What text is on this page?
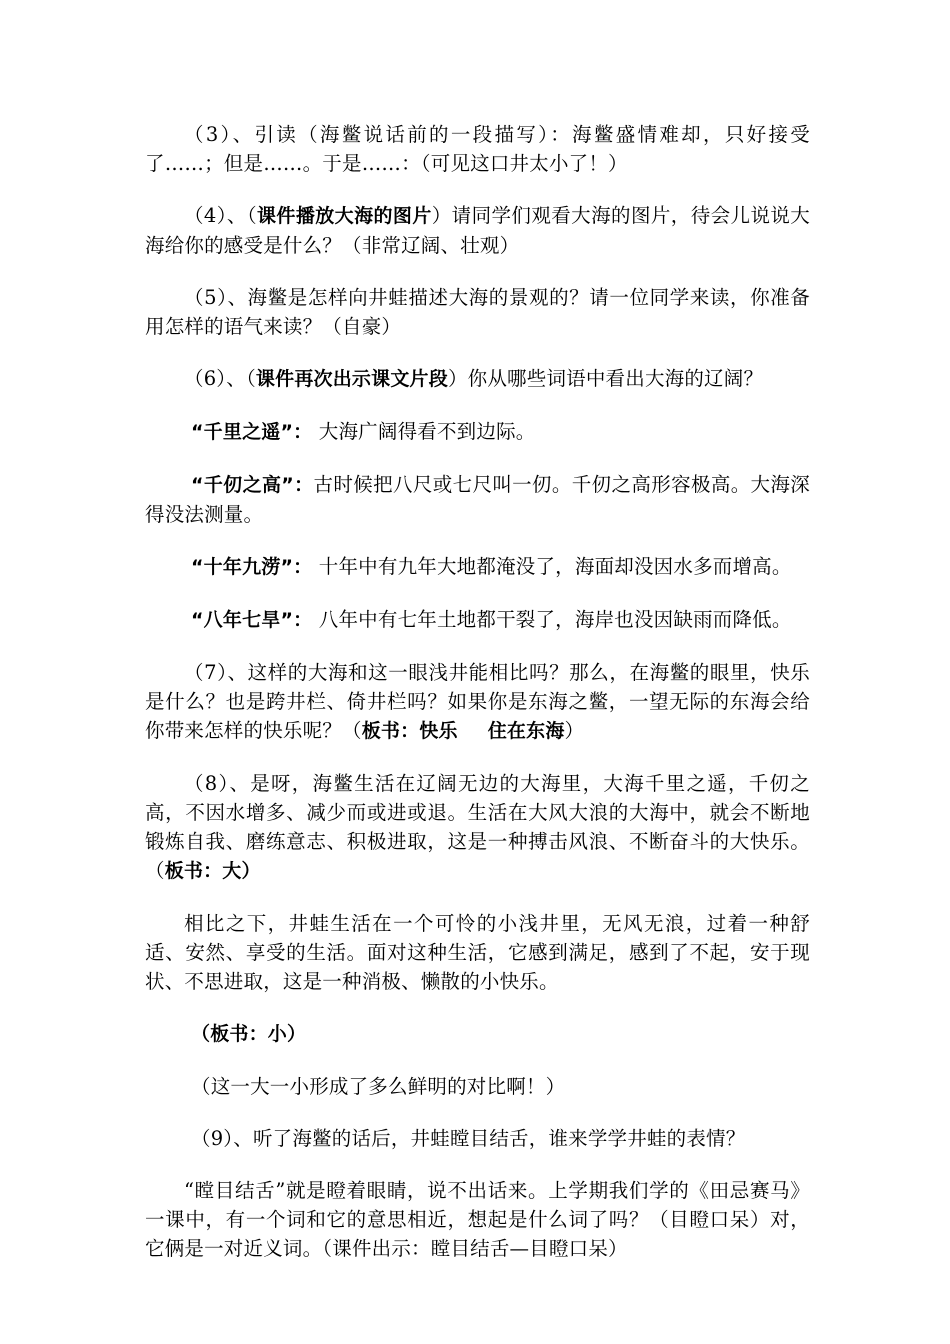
（3）、引读（海鳖说话前的一段描写）：海鳖盛情难却，只好接受了……；但是……。于是……：（可见这口井太小了！）

（4）、（课件播放大海的图片）请同学们观看大海的图片，待会儿说说大海给你的感受是什么？（非常辽阔、壮观）

（5）、海鳖是怎样向井蛙描述大海的景观的？请一位同学来读，你准备用怎样的语气来读？（自豪）

（6）、（课件再次出示课文片段）你从哪些词语中看出大海的辽阔？

“千里之遥”： 大海广阔得看不到边际。

“千仞之高”：古时候把八尺或七尺叫一仞。千仞之高形容极高。大海深得没法测量。

“十年九涝”： 十年中有九年大地都淹没了，海面却没因水多而增高。

“八年七旱”： 八年中有七年土地都干裂了，海岸也没因缺雨而降低。

（7）、这样的大海和这一眼浅井能相比吗？那么，在海鳖的眼里，快乐是什么？也是跨井栏、倚井栏吗？如果你是东海之鳖，一望无际的东海会给你带来怎样的快乐呢？（板书：快乐 住在东海）

（8）、是呀，海鳖生活在辽阔无边的大海里，大海千里之遥，千仞之高，不因水增多、减少而或进或退。生活在大风大浪的大海中，就会不断地锻炼自我、磨练意志、积极进取，这是一种搏击风浪、不断奋斗的大快乐。（板书：大）

相比之下，井蛙生活在一个可怜的小浅井里，无风无浪，过着一种舒适、安然、享受的生活。面对这种生活，它感到满足，感到了不起，安于现状、不思进取，这是一种消极、懒散的小快乐。

（板书：小）

（这一大一小形成了多么鲜明的对比啊！）

（9）、听了海鳖的话后，井蛙瞠目结舌，谁来学学井蛙的表情？

“瞠目结舌”就是瞪着眼睛，说不出话来。上学期我们学的《田忌赛马》一课中，有一个词和它的意思相近，想起是什么词了吗？（目瞪口呆）对，它俩是一对近义词。（课件出示：瞠目结舌—目瞪口呆）
